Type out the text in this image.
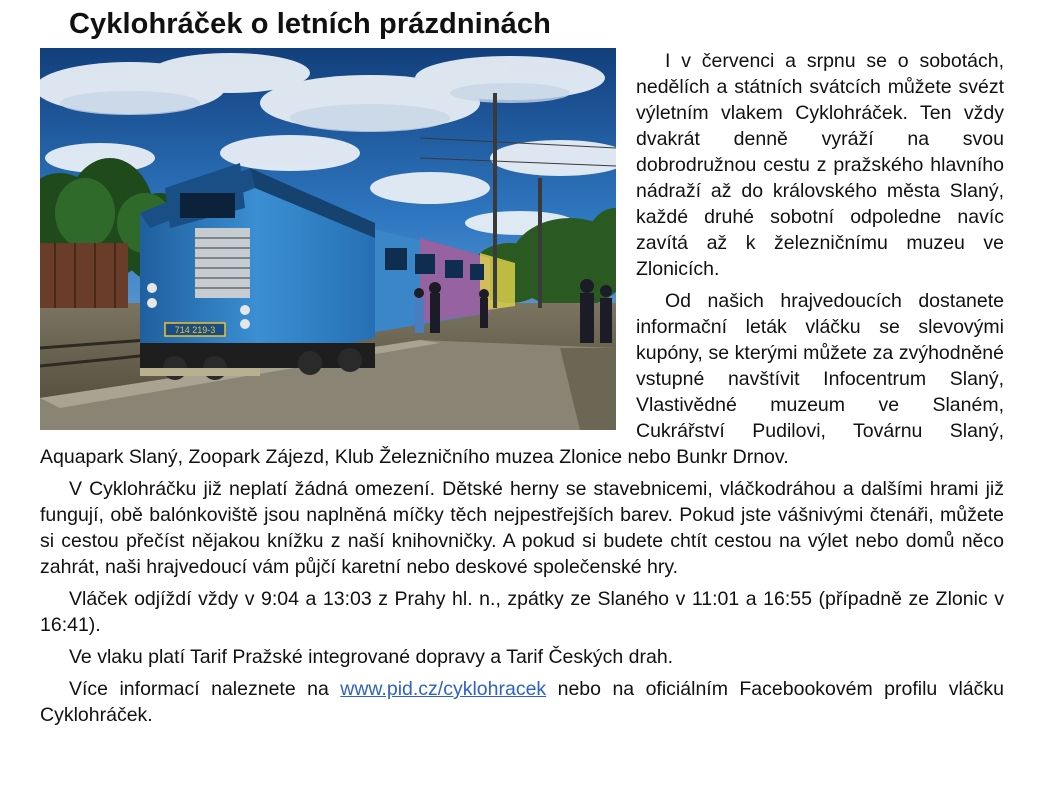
Cyklohráček o letních prázdninách
714 219-3

I v červenci a srpnu se o sobotách, nedělích a státních svátcích můžete svézt výletním vlakem Cyklohráček. Ten vždy dvakrát denně vyráží na svou dobrodružnou cestu z pražského hlavního nádraží až do královského města Slaný, každé druhé sobotní odpoledne navíc zavítá až k železničnímu muzeu ve Zlonicích.

Od našich hrajvedoucích dostanete informační leták vláčku se slevovými kupóny, se kterými můžete za zvýhodněné vstupné navštívit Infocentrum Slaný, Vlastivědné muzeum ve Slaném, Cukrářství Pudilovi, Továrnu Slaný, Aquapark Slaný, Zoopark Zájezd, Klub Železničního muzea Zlonice nebo Bunkr Drnov.

V Cyklohráčku již neplatí žádná omezení. Dětské herny se stavebnicemi, vláčkodráhou a dalšími hrami již fungují, obě balónkoviště jsou naplněná míčky těch nejpestřejších barev. Pokud jste vášnivými čtenáři, můžete si cestou přečíst nějakou knížku z naší knihovničky. A pokud si budete chtít cestou na výlet nebo domů něco zahrát, naši hrajvedoucí vám půjčí karetní nebo deskové společenské hry.

Vláček odjíždí vždy v 9:04 a 13:03 z Prahy hl. n., zpátky ze Slaného v 11:01 a 16:55 (případně ze Zlonic v 16:41).

Ve vlaku platí Tarif Pražské integrované dopravy a Tarif Českých drah.

Více informací naleznete na www.pid.cz/cyklohracek nebo na oficiálním Facebookovém profilu vláčku Cyklohráček.
